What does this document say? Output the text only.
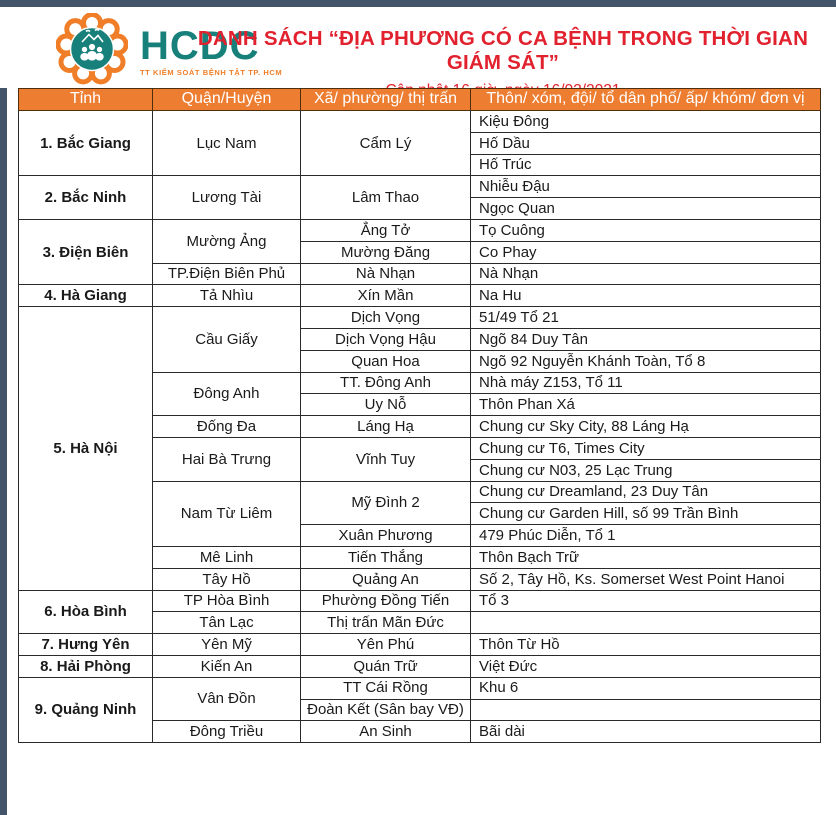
HCDC
TT KIỂM SOÁT BỆNH TẬT TP. HCM
DANH SÁCH “ĐỊA PHƯƠNG CÓ CA BỆNH TRONG THỜI GIAN GIÁM SÁT”
Tỉnh	Quận/Huyện	Xã/ phường/ thị trấn	Thôn/ xóm, đội/ tổ dân phố/ ấp/ khóm/ đơn vị
1. Bắc Giang	Lục Nam	Cẩm Lý	Kiệu Đông
			Hố Dầu
			Hố Trúc
2. Bắc Ninh	Lương Tài	Lâm Thao	Nhiễu Đậu
			Ngọc Quan
3. Điện Biên	Mường Ảng	Ẳng Tở	Tọ Cuông
		Mường Đăng	Co Phay
	TP.Điện Biên Phủ	Nà Nhạn	Nà Nhạn
4. Hà Giang	Tả Nhìu	Xín Mần	Na Hu
5. Hà Nội	Cầu Giấy	Dịch Vọng	51/49 Tổ 21
		Dịch Vọng Hậu	Ngõ 84 Duy Tân
		Quan Hoa	Ngõ 92 Nguyễn Khánh Toàn, Tổ 8
	Đông Anh	TT. Đông Anh	Nhà máy Z153, Tổ 11
		Uy Nỗ	Thôn Phan Xá
	Đống Đa	Láng Hạ	Chung cư Sky City, 88 Láng Hạ
	Hai Bà Trưng	Vĩnh Tuy	Chung cư T6, Times City
			Chung cư N03, 25 Lạc Trung
	Nam Từ Liêm	Mỹ Đình 2	Chung cư Dreamland, 23 Duy Tân
			Chung cư Garden Hill, số 99 Trần Bình
		Xuân Phương	479 Phúc Diễn, Tổ 1
	Mê Linh	Tiến Thắng	Thôn Bạch Trữ
	Tây Hồ	Quảng An	Số 2, Tây Hồ, Ks. Somerset West Point Hanoi
6. Hòa Bình	TP Hòa Bình	Phường Đồng Tiến	Tổ 3
	Tân Lạc	Thị trấn Mãn Đức	
7. Hưng Yên	Yên Mỹ	Yên Phú	Thôn Từ Hồ
8. Hải Phòng	Kiến An	Quán Trữ	Việt Đức
9. Quảng Ninh	Vân Đồn	TT Cái Rồng	Khu 6
		Đoàn Kết (Sân bay VĐ)	
	Đông Triều	An Sinh	Bãi dài
